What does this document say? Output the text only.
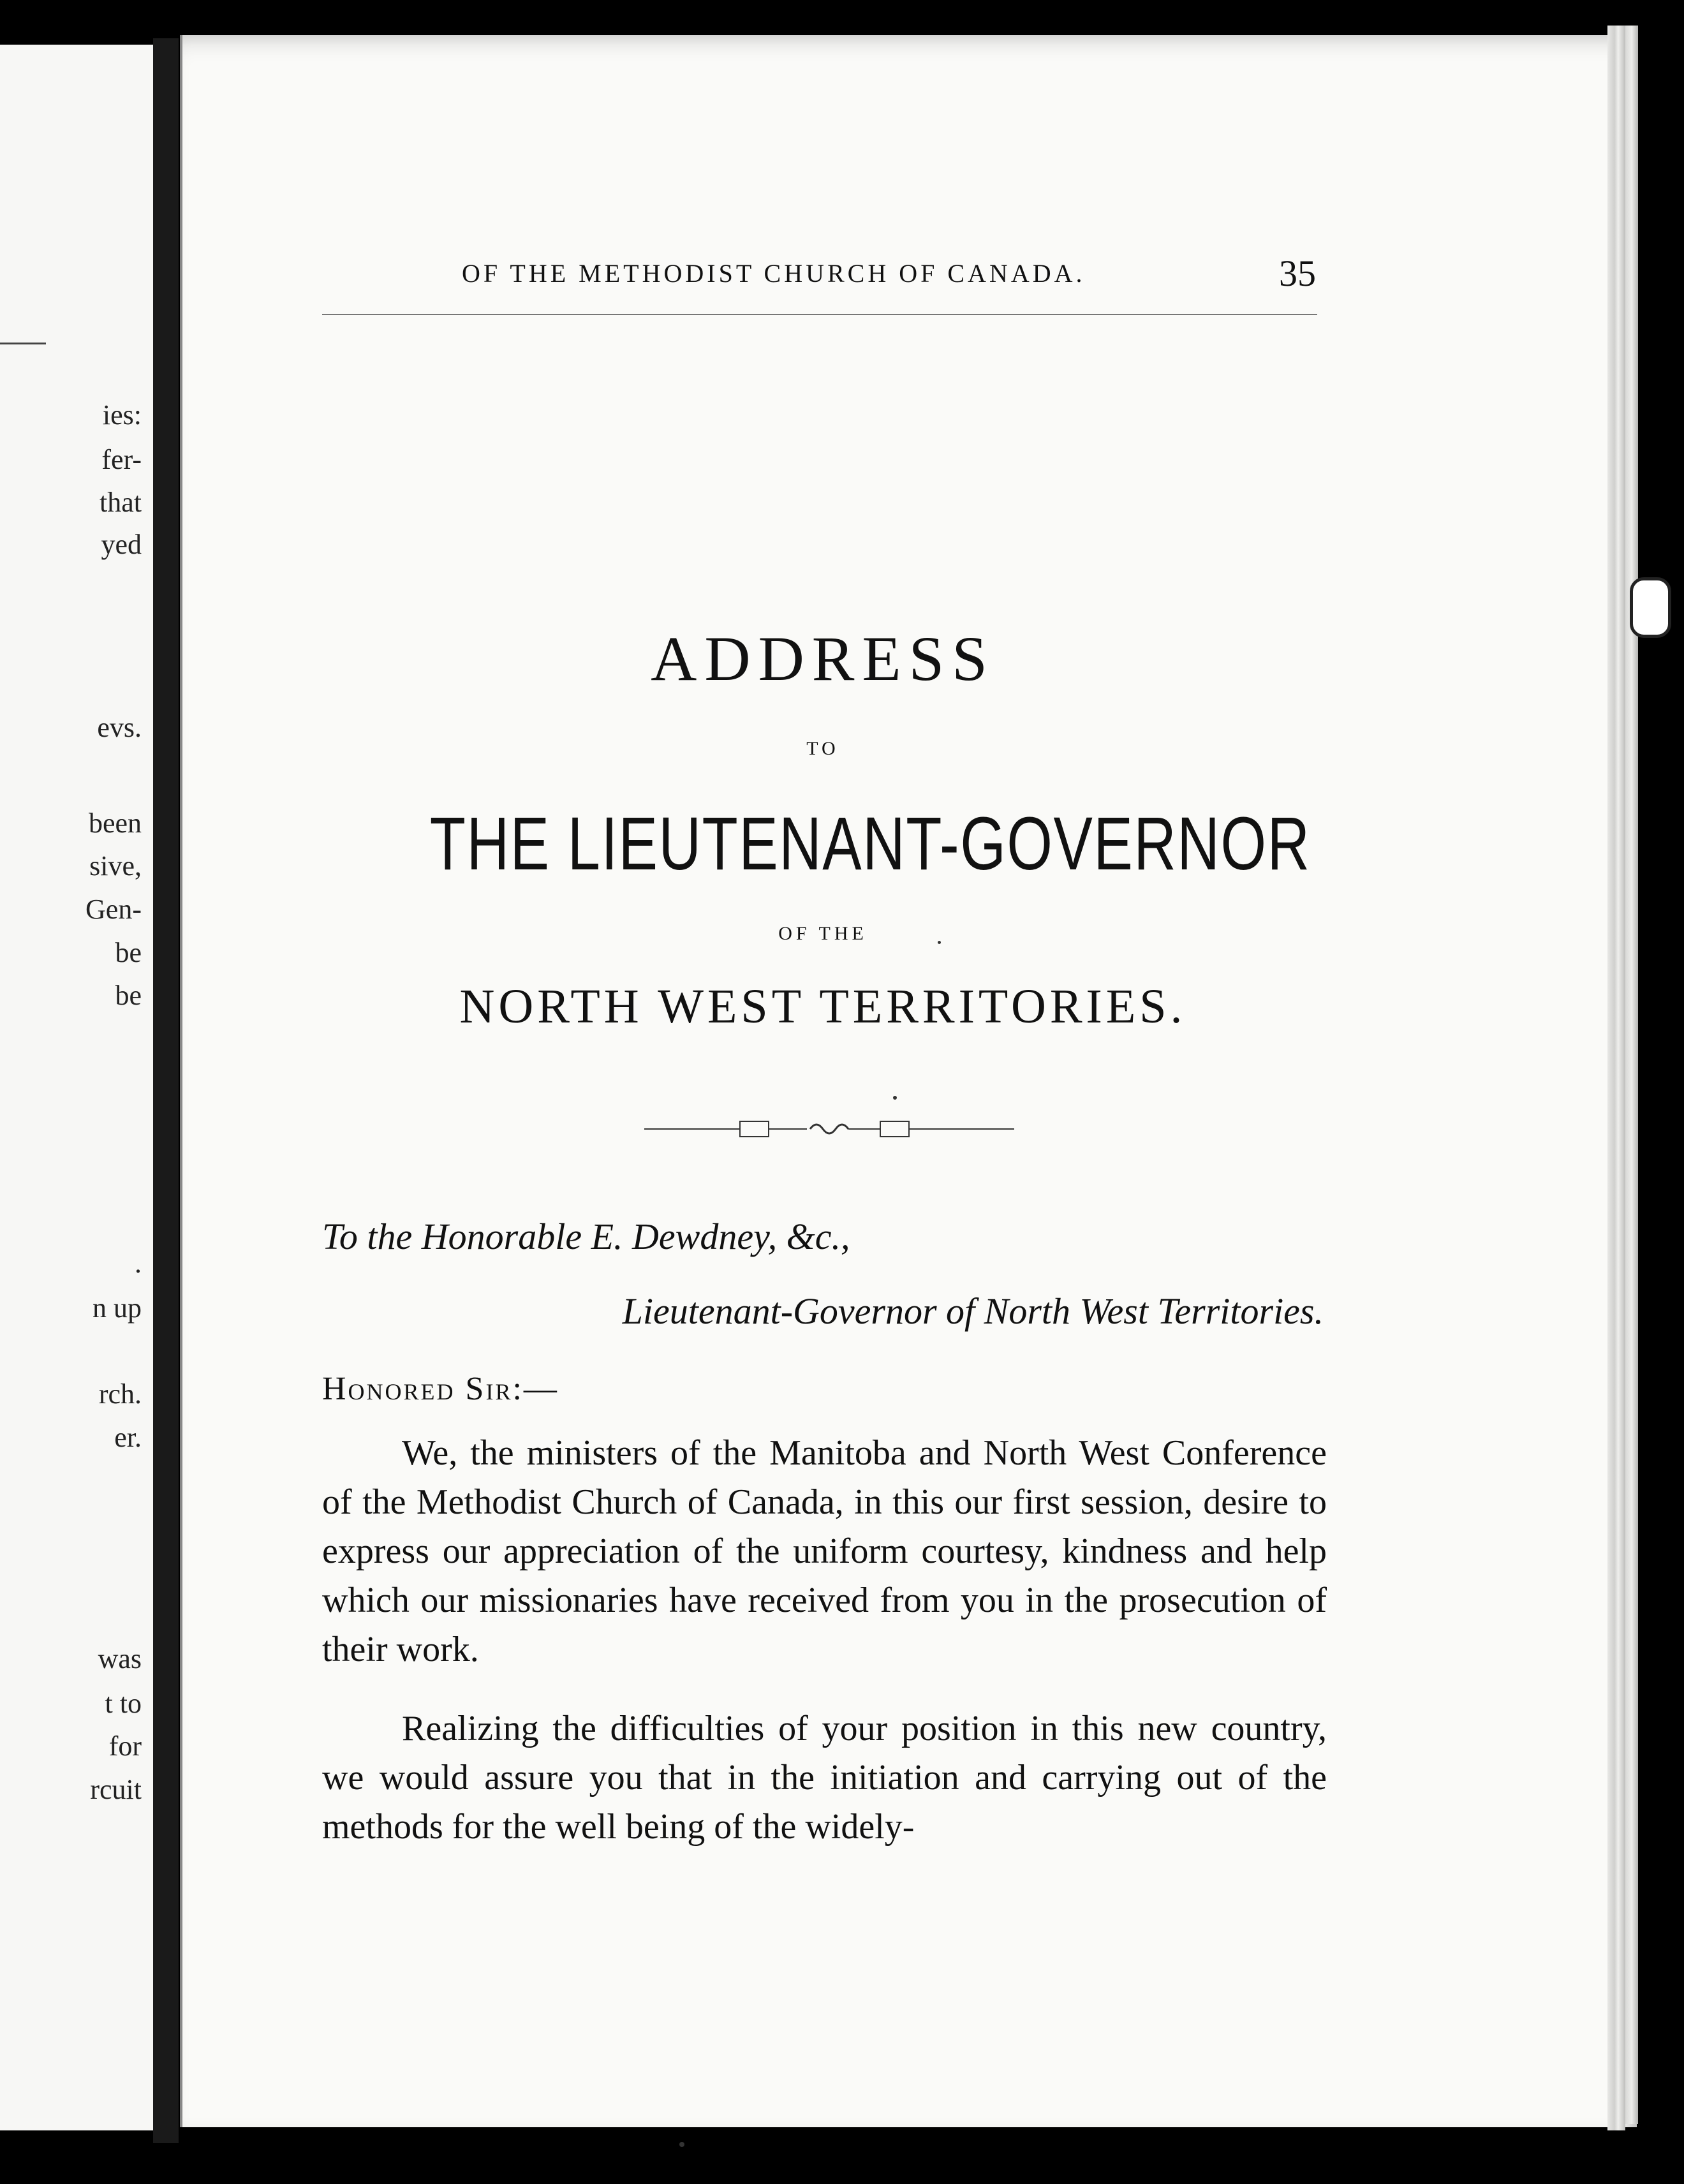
ies:
fer-
that
yed
evs.
been
sive,
Gen-
be
be
.
n up
rch.
er.
was
t to
for
rcuit
OF THE METHODIST CHURCH OF CANADA.	35
ADDRESS
TO
THE LIEUTENANT-GOVERNOR
OF THE
NORTH WEST TERRITORIES.
To the Honorable E. Dewdney, &c.,
Lieutenant-Governor of North West Territories.
Honored Sir:—
We, the ministers of the Manitoba and North West Conference of the Methodist Church of Canada, in this our first session, desire to express our appreciation of the uniform courtesy, kindness and help which our missionaries have received from you in the prosecution of their work.
Realizing the difficulties of your position in this new country, we would assure you that in the initiation and carrying out of the methods for the well being of the widely-
